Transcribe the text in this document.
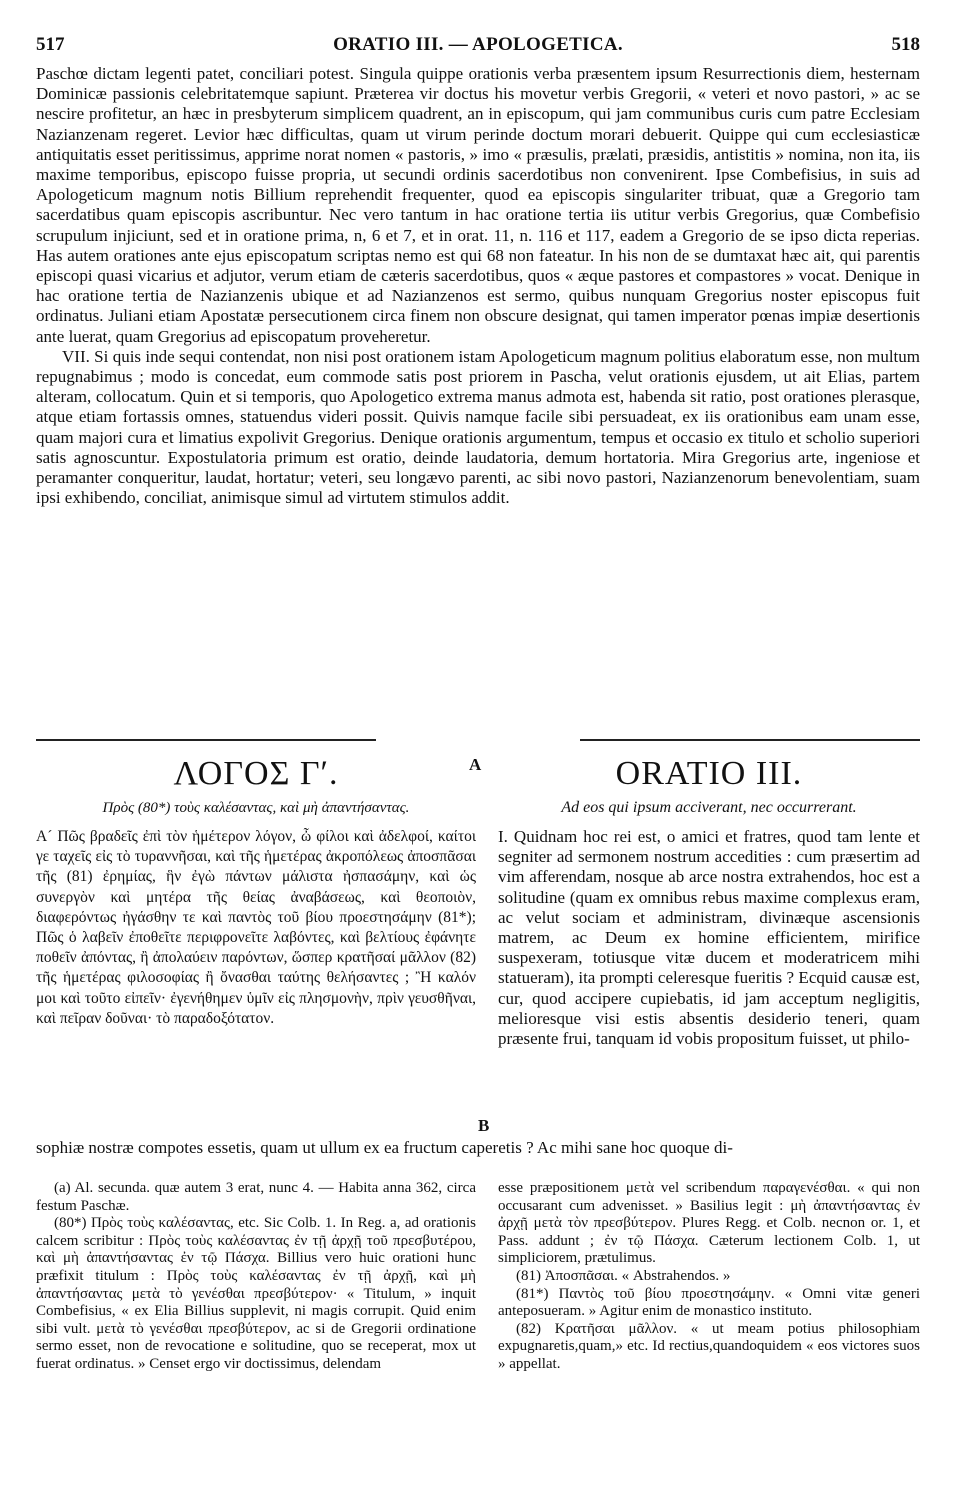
517	ORATIO III. — APOLOGETICA.	518

Paschœ dictam legenti patet, conciliari potest. Singula quippe orationis verba præsentem ipsum Resurrectionis diem, hesternam Dominicæ passionis celebritatemque sapiunt. Præterea vir doctus his movetur verbis Gregorii, « veteri et novo pastori, » ac se nescire profitetur, an hæc in presbyterum simplicem quadrent, an in episcopum, qui jam communibus curis cum patre Ecclesiam Nazianzenam regeret. Levior hæc difficultas, quam ut virum perinde doctum morari debuerit. Quippe qui cum ecclesiasticæ antiquitatis esset peritissimus, apprime norat nomen « pastoris, » imo « præsulis, prælati, præsidis, antistitis » nomina, non ita, iis maxime temporibus, episcopo fuisse propria, ut secundi ordinis sacerdotibus non convenirent. Ipse Combefisius, in suis ad Apologeticum magnum notis Billium reprehendit frequenter, quod ea episcopis singulariter tribuat, quæ a Gregorio tam sacerdatibus quam episcopis ascribuntur. Nec vero tantum in hac oratione tertia iis utitur verbis Gregorius, quæ Combefisio scrupulum injiciunt, sed et in oratione prima, n, 6 et 7, et in orat. 11, n. 116 et 117, eadem a Gregorio de se ipso dicta reperias. Has autem orationes ante ejus episcopatum scriptas nemo est qui 68 non fateatur. In his non de se dumtaxat hæc ait, qui parentis episcopi quasi vicarius et adjutor, verum etiam de cæteris sacerdotibus, quos « æque pastores et compastores » vocat. Denique in hac oratione tertia de Nazianzenis ubique et ad Nazianzenos est sermo, quibus nunquam Gregorius noster episcopus fuit ordinatus. Juliani etiam Apostatæ persecutionem circa finem non obscure designat, qui tamen imperator pœnas impiæ desertionis ante luerat, quam Gregorius ad episcopatum proveheretur.

VII. Si quis inde sequi contendat, non nisi post orationem istam Apologeticum magnum politius elaboratum esse, non multum repugnabimus ; modo is concedat, eum commode satis post priorem in Pascha, velut orationis ejusdem, ut ait Elias, partem alteram, collocatum. Quin et si temporis, quo Apologetico extrema manus admota est, habenda sit ratio, post orationes plerasque, atque etiam fortassis omnes, statuendus videri possit. Quivis namque facile sibi persuadeat, ex iis orationibus eam unam esse, quam majori cura et limatius expolivit Gregorius. Denique orationis argumentum, tempus et occasio ex titulo et scholio superiori satis agnoscuntur. Expostulatoria primum est oratio, deinde laudatoria, demum hortatoria. Mira Gregorius arte, ingeniose et peramanter conqueritur, laudat, hortatur; veteri, seu longævo parenti, ac sibi novo pastori, Nazianzenorum benevolentiam, suam ipsi exhibendo, conciliat, animisque simul ad virtutem stimulos addit.

A
B
ΛΟΓΟΣ Γʹ.
Πρὸς (80*) τοὺς καλέσαντας, καὶ μὴ ἀπαντήσαντας.

Α´ Πῶς βραδεῖς ἐπὶ τὸν ἡμέτερον λόγον, ὦ φίλοι καὶ ἀδελφοί, καίτοι γε ταχεῖς εἰς τὸ τυραννῆσαι, καὶ τῆς ἡμετέρας ἀκροπόλεως ἀποσπᾶσαι τῆς (81) ἐρημίας, ἣν ἐγὼ πάντων μάλιστα ἠσπασάμην, καὶ ὡς συνεργὸν καὶ μητέρα τῆς θείας ἀναβάσεως, καὶ θεοποιὸν, διαφερόντως ἠγάσθην τε καὶ παντὸς τοῦ βίου προεστησάμην (81*); Πῶς ὁ λαβεῖν ἐποθεῖτε περιφρονεῖτε λαβόντες, καὶ βελτίους ἐφάνητε ποθεῖν ἀπόντας, ἢ ἀπολαύειν παρόντων, ὥσπερ κρατῆσαί μᾶλλον (82) τῆς ἡμετέρας φιλοσοφίας ἢ ὄνασθαι ταύτης θελήσαντες ; Ἢ καλόν μοι καὶ τοῦτο εἰπεῖν· ἐγενήθημεν ὑμῖν εἰς πλησμονὴν, πρὶν γευσθῆναι, καὶ πεῖραν δοῦναι· τὸ παραδοξότατον.

ORATIO III.
Ad eos qui ipsum acciverant, nec occurrerant.

I. Quidnam hoc rei est, o amici et fratres, quod tam lente et segniter ad sermonem nostrum accedities : cum præsertim ad vim afferendam, nosque ab arce nostra extrahendos, hoc est a solitudine (quam ex omnibus rebus maxime complexus eram, ac velut sociam et administram, divinæque ascensionis matrem, ac Deum ex homine efficientem, mirifice suspexeram, totiusque vitæ ducem et moderatricem mihi statueram), ita prompti celeresque fueritis ? Ecquid causæ est, cur, quod accipere cupiebatis, id jam acceptum negligitis, melioresque visi estis absentis desiderio teneri, quam præsente frui, tanquam id vobis propositum fuisset, ut philo-

sophiæ nostræ compotes essetis, quam ut ullum ex ea fructum caperetis ? Ac mihi sane hoc quoque di-

(a) Al. secunda. quæ autem 3 erat, nunc 4. — Habita anna 362, circa festum Paschæ.

(80*) Πρὸς τοὺς καλέσαντας, etc. Sic Colb. 1. In Reg. a, ad orationis calcem scribitur : Πρὸς τοὺς καλέσαντας ἐν τῇ ἀρχῇ τοῦ πρεσβυτέρου, καὶ μὴ ἀπαντήσαντας ἐν τῷ Πάσχα. Billius vero huic orationi hunc præfixit titulum : Πρὸς τοὺς καλέσαντας ἐν τῇ ἀρχῇ, καὶ μὴ ἀπαντήσαντας μετὰ τὸ γενέσθαι πρεσβύτερον· « Titulum, » inquit Combefisius, « ex Elia Billius supplevit, ni magis corrupit. Quid enim sibi vult. μετὰ τὸ γενέσθαι πρεσβύτερον, ac si de Gregorii ordinatione sermo esset, non de revocatione e solitudine, quo se receperat, mox ut fuerat ordinatus. » Censet ergo vir doctissimus, delendam

esse præpositionem μετὰ vel scribendum παραγενέσθαι. « qui non occusarant cum advenisset. » Basilius legit : μὴ ἀπαντήσαντας ἐν ἀρχῇ μετὰ τὸν πρεσβύτερον. Plures Regg. et Colb. necnon or. 1, et Pass. addunt ; ἐν τῷ Πάσχα. Cæterum lectionem Colb. 1, ut simpliciorem, prætulimus.

(81) Ἀποσπᾶσαι. « Abstrahendos. »

(81*) Παντὸς τοῦ βίου προεστησάμην. « Omni vitæ generi anteposueram. » Agitur enim de monastico instituto.

(82) Κρατῆσαι μᾶλλον. « ut meam potius philosophiam expugnaretis,quam,» etc. Id rectius,quandoquidem « eos victores suos » appellat.
